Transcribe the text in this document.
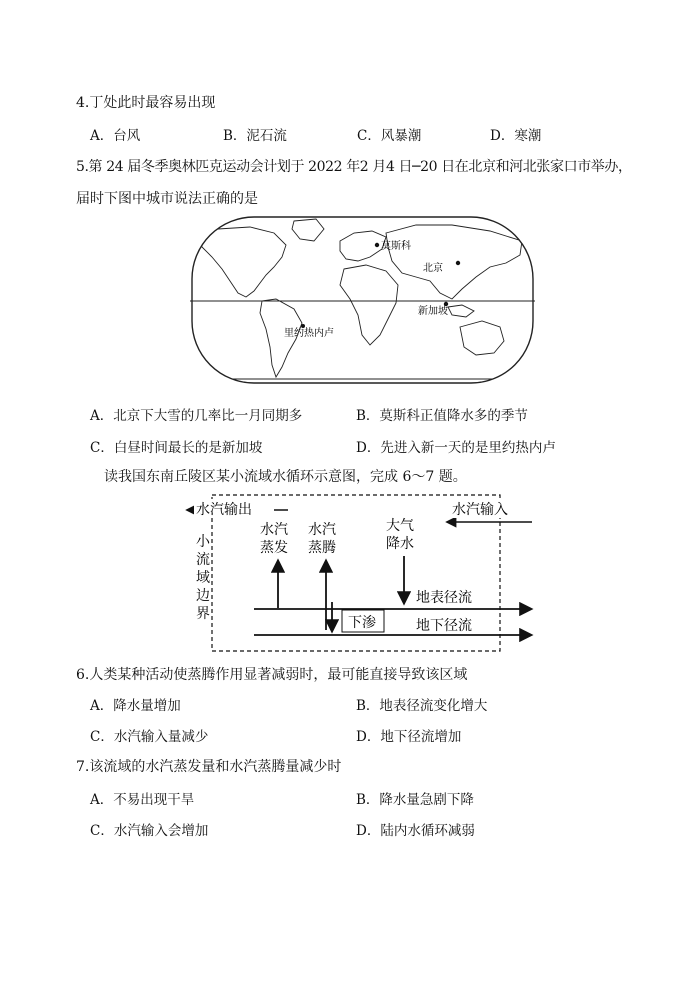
4.丁处此时最容易出现
A．台风	B．泥石流	C．风暴潮	D．寒潮
5.第 24 届冬季奥林匹克运动会计划于 2022 年2 月4 日─20 日在北京和河北张家口市举办，
届时下图中城市说法正确的是
莫斯科
北京
新加坡
里约热内卢
A．北京下大雪的几率比一月同期多	B．莫斯科正值降水多的季节
C．白昼时间最长的是新加坡	D．先进入新一天的是里约热内卢
读我国东南丘陵区某小流域水循环示意图，完成 6～7 题。
水汽输出	水汽输入
小
流
域
边
界
水汽
蒸发
水汽
蒸腾
大气
降水
地表径流
下渗	地下径流
6.人类某种活动使蒸腾作用显著减弱时，最可能直接导致该区域
A．降水量增加	B．地表径流变化增大
C．水汽输入量减少	D．地下径流增加
7.该流域的水汽蒸发量和水汽蒸腾量减少时
A．不易出现干旱	B．降水量急剧下降
C．水汽输入会增加	D．陆内水循环减弱
